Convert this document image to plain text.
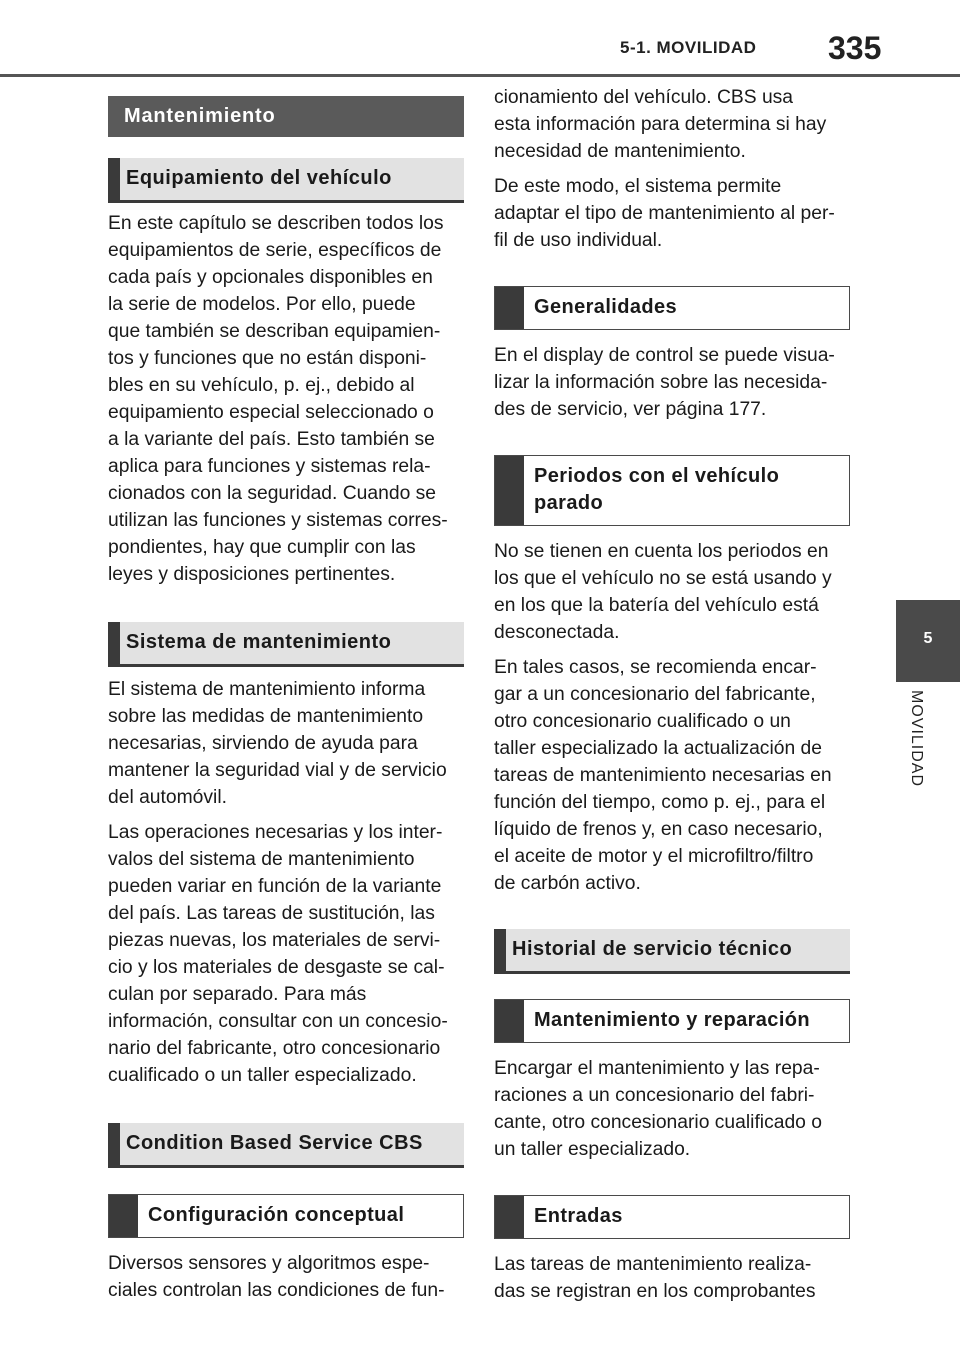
5-1. MOVILIDAD 335
5
MOVILIDAD
Mantenimiento
Equipamiento del vehículo

En este capítulo se describen todos los
equipamientos de serie, específicos de
cada país y opcionales disponibles en
la serie de modelos. Por ello, puede
que también se describan equipamien-
tos y funciones que no están disponi-
bles en su vehículo, p. ej., debido al
equipamiento especial seleccionado o
a la variante del país. Esto también se
aplica para funciones y sistemas rela-
cionados con la seguridad. Cuando se
utilizan las funciones y sistemas corres-
pondientes, hay que cumplir con las
leyes y disposiciones pertinentes.

Sistema de mantenimiento

El sistema de mantenimiento informa
sobre las medidas de mantenimiento
necesarias, sirviendo de ayuda para
mantener la seguridad vial y de servicio
del automóvil.

Las operaciones necesarias y los inter-
valos del sistema de mantenimiento
pueden variar en función de la variante
del país. Las tareas de sustitución, las
piezas nuevas, los materiales de servi-
cio y los materiales de desgaste se cal-
culan por separado. Para más
información, consultar con un concesio-
nario del fabricante, otro concesionario
cualificado o un taller especializado.

Condition Based Service CBS
Configuración conceptual

Diversos sensores y algoritmos espe-
ciales controlan las condiciones de fun-

cionamiento del vehículo. CBS usa
esta información para determina si hay
necesidad de mantenimiento.

De este modo, el sistema permite
adaptar el tipo de mantenimiento al per-
fil de uso individual.

Generalidades

En el display de control se puede visua-
lizar la información sobre las necesida-
des de servicio, ver página 177.

Periodos con el vehículo
parado

No se tienen en cuenta los periodos en
los que el vehículo no se está usando y
en los que la batería del vehículo está
desconectada.

En tales casos, se recomienda encar-
gar a un concesionario del fabricante,
otro concesionario cualificado o un
taller especializado la actualización de
tareas de mantenimiento necesarias en
función del tiempo, como p. ej., para el
líquido de frenos y, en caso necesario,
el aceite de motor y el microfiltro/filtro
de carbón activo.

Historial de servicio técnico
Mantenimiento y reparación

Encargar el mantenimiento y las repa-
raciones a un concesionario del fabri-
cante, otro concesionario cualificado o
un taller especializado.

Entradas

Las tareas de mantenimiento realiza-
das se registran en los comprobantes
